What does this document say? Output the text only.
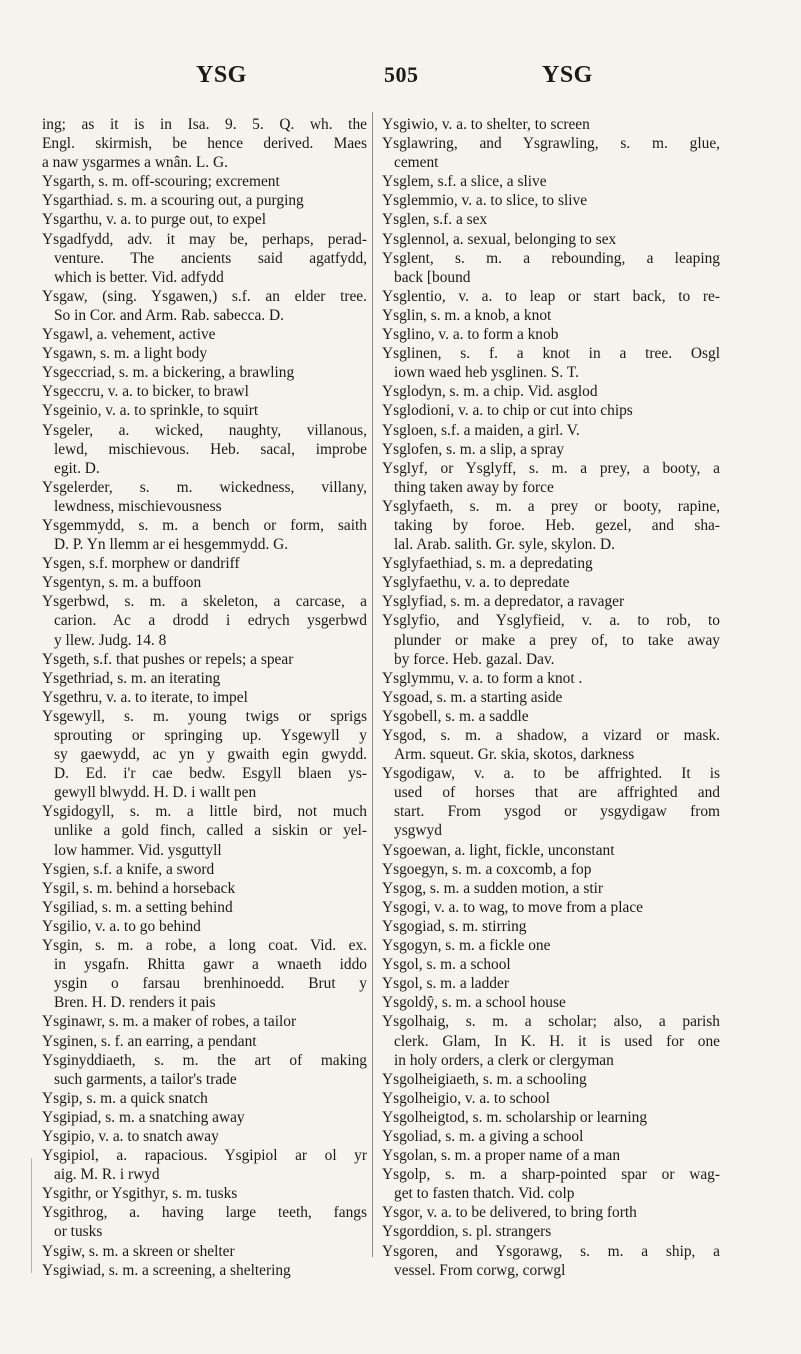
YSG	505	YSG
ing; as it is in Isa. 9. 5. Q. wh. the
Engl. skirmish, be hence derived. Maes
a naw ysgarmes a wnân. L. G.
Ysgarth, s. m. off-scouring; excrement
Ysgarthiad. s. m. a scouring out, a purging
Ysgarthu, v. a. to purge out, to expel
Ysgadfydd, adv. it may be, perhaps, perad-
venture. The ancients said agatfydd,
which is better. Vid. adfydd
Ysgaw, (sing. Ysgawen,) s.f. an elder tree.
So in Cor. and Arm. Rab. sabecca. D.
Ysgawl, a. vehement, active
Ysgawn, s. m. a light body
Ysgeccriad, s. m. a bickering, a brawling
Ysgeccru, v. a. to bicker, to brawl
Ysgeinio, v. a. to sprinkle, to squirt
Ysgeler, a. wicked, naughty, villanous,
lewd, mischievous. Heb. sacal, improbe
egit. D.
Ysgelerder, s. m. wickedness, villany,
lewdness, mischievousness
Ysgemmydd, s. m. a bench or form, saith
D. P. Yn llemm ar ei hesgemmydd. G.
Ysgen, s.f. morphew or dandriff
Ysgentyn, s. m. a buffoon
Ysgerbwd, s. m. a skeleton, a carcase, a
carion. Ac a drodd i edrych ysgerbwd
y llew. Judg. 14. 8
Ysgeth, s.f. that pushes or repels; a spear
Ysgethriad, s. m. an iterating
Ysgethru, v. a. to iterate, to impel
Ysgewyll, s. m. young twigs or sprigs
sprouting or springing up. Ysgewyll y
sy gaewydd, ac yn y gwaith egin gwydd.
D. Ed. i'r cae bedw. Esgyll blaen ys-
gewyll blwydd. H. D. i wallt pen
Ysgidogyll, s. m. a little bird, not much
unlike a gold finch, called a siskin or yel-
low hammer. Vid. ysguttyll
Ysgien, s.f. a knife, a sword
Ysgil, s. m. behind a horseback
Ysgiliad, s. m. a setting behind
Ysgilio, v. a. to go behind
Ysgin, s. m. a robe, a long coat. Vid. ex.
in ysgafn. Rhitta gawr a wnaeth iddo
ysgin o farsau brenhinoedd. Brut y
Bren. H. D. renders it pais
Ysginawr, s. m. a maker of robes, a tailor
Ysginen, s. f. an earring, a pendant
Ysginyddiaeth, s. m. the art of making
such garments, a tailor's trade
Ysgip, s. m. a quick snatch
Ysgipiad, s. m. a snatching away
Ysgipio, v. a. to snatch away
Ysgipiol, a. rapacious. Ysgipiol ar ol yr
aig. M. R. i rwyd
Ysgithr, or Ysgithyr, s. m. tusks
Ysgithrog, a. having large teeth, fangs
or tusks
Ysgiw, s. m. a skreen or shelter
Ysgiwiad, s. m. a screening, a sheltering
Ysgiwio, v. a. to shelter, to screen
Ysglawring, and Ysgrawling, s. m. glue,
cement
Ysglem, s.f. a slice, a slive
Ysglemmio, v. a. to slice, to slive
Ysglen, s.f. a sex
Ysglennol, a. sexual, belonging to sex
Ysglent, s. m. a rebounding, a leaping
back [bound
Ysglentio, v. a. to leap or start back, to re-
Ysglin, s. m. a knob, a knot
Ysglino, v. a. to form a knob
Ysglinen, s. f. a knot in a tree. Osgl
iown waed heb ysglinen. S. T.
Ysglodyn, s. m. a chip. Vid. asglod
Ysglodioni, v. a. to chip or cut into chips
Ysgloen, s.f. a maiden, a girl. V.
Ysglofen, s. m. a slip, a spray
Ysglyf, or Ysglyff, s. m. a prey, a booty, a
thing taken away by force
Ysglyfaeth, s. m. a prey or booty, rapine,
taking by foroe. Heb. gezel, and sha-
lal. Arab. salith. Gr. syle, skylon. D.
Ysglyfaethiad, s. m. a depredating
Ysglyfaethu, v. a. to depredate
Ysglyfiad, s. m. a depredator, a ravager
Ysglyfio, and Ysglyfieid, v. a. to rob, to
plunder or make a prey of, to take away
by force. Heb. gazal. Dav.
Ysglymmu, v. a. to form a knot .
Ysgoad, s. m. a starting aside
Ysgobell, s. m. a saddle
Ysgod, s. m. a shadow, a vizard or mask.
Arm. squeut. Gr. skia, skotos, darkness
Ysgodigaw, v. a. to be affrighted. It is
used of horses that are affrighted and
start. From ysgod or ysgydigaw from
ysgwyd
Ysgoewan, a. light, fickle, unconstant
Ysgoegyn, s. m. a coxcomb, a fop
Ysgog, s. m. a sudden motion, a stir
Ysgogi, v. a. to wag, to move from a place
Ysgogiad, s. m. stirring
Ysgogyn, s. m. a fickle one
Ysgol, s. m. a school
Ysgol, s. m. a ladder
Ysgoldŷ, s. m. a school house
Ysgolhaig, s. m. a scholar; also, a parish
clerk. Glam, In K. H. it is used for one
in holy orders, a clerk or clergyman
Ysgolheigiaeth, s. m. a schooling
Ysgolheigio, v. a. to school
Ysgolheigtod, s. m. scholarship or learning
Ysgoliad, s. m. a giving a school
Ysgolan, s. m. a proper name of a man
Ysgolp, s. m. a sharp-pointed spar or wag-
get to fasten thatch. Vid. colp
Ysgor, v. a. to be delivered, to bring forth
Ysgorddion, s. pl. strangers
Ysgoren, and Ysgorawg, s. m. a ship, a
vessel. From corwg, corwgl
